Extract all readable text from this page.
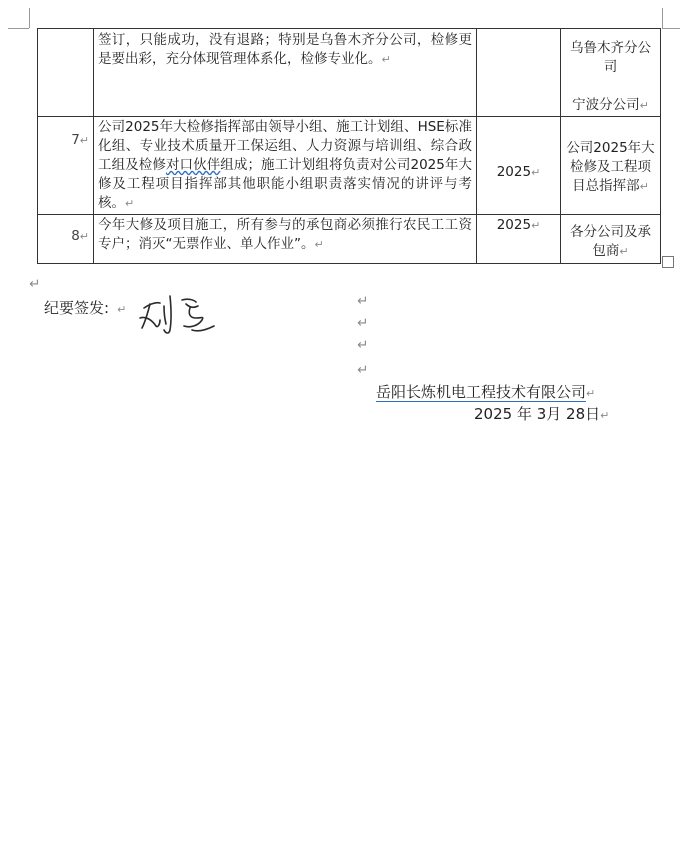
	签订，只能成功，没有退路；特别是乌鲁木齐分公司，检修更是要出彩，充分体现管理体系化，检修专业化。↵		乌鲁木齐分公司
宁波分公司↵

7↵	公司2025年大检修指挥部由领导小组、施工计划组、HSE标准化组、专业技术质量开工保运组、人力资源与培训组、综合政工组及检修对口伙伴组成；施工计划组将负责对公司2025年大修及工程项目指挥部其他职能小组职责落实情况的讲评与考核。↵	2025↵	公司2025年大检修及工程项目总指挥部↵
8↵	今年大修及项目施工，所有参与的承包商必须推行农民工工资专户；消灭“无票作业、单人作业”。↵	2025↵	各分公司及承包商↵
↵
↵
↵
↵
↵
纪要签发: ↵
岳阳长炼机电工程技术有限公司↵
2025 年 3月 28日↵
